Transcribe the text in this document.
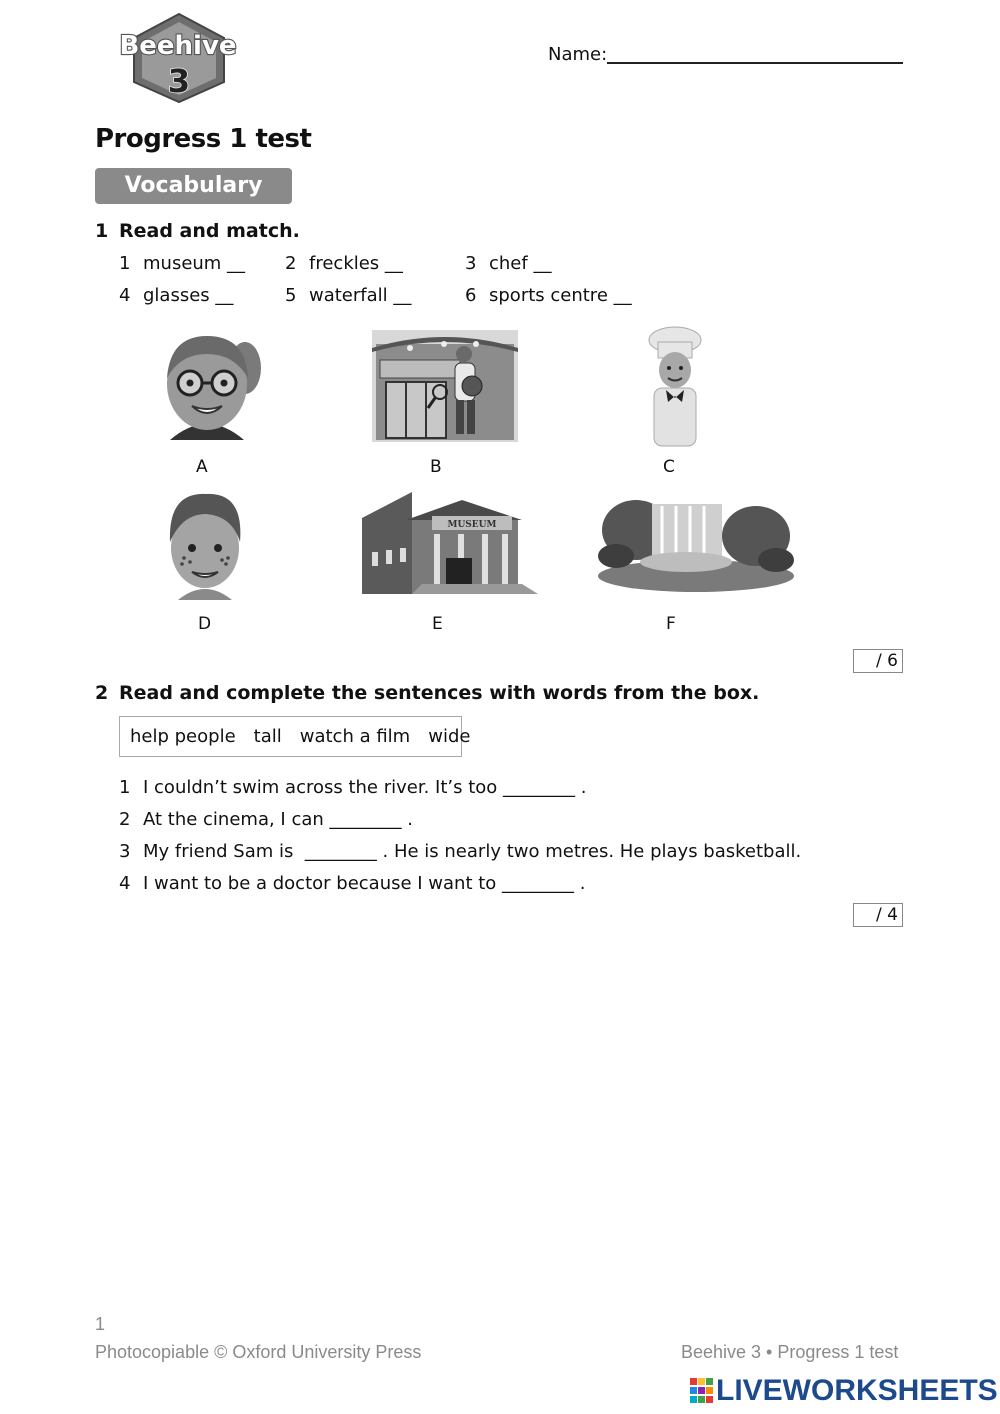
Beehive
3
Name:
Progress 1 test
Vocabulary
1 Read and match.
1 museum __ 2 freckles __	3 chef __
4 glasses __	5 waterfall __	6 sports centre __
A	B	C
MUSEUM
D	E	F
/ 6
2 Read and complete the sentences with words from the box.
help people tall watch a film wide
1 I couldn’t swim across the river. It’s too ________ .
2 At the cinema, I can ________ .
3 My friend Sam is  ________ . He is nearly two metres. He plays basketball.
4 I want to be a doctor because I want to ________ .
/ 4
1
Photocopiable © Oxford University Press	Beehive 3 • Progress 1 test
LIVEWORKSHEETS
